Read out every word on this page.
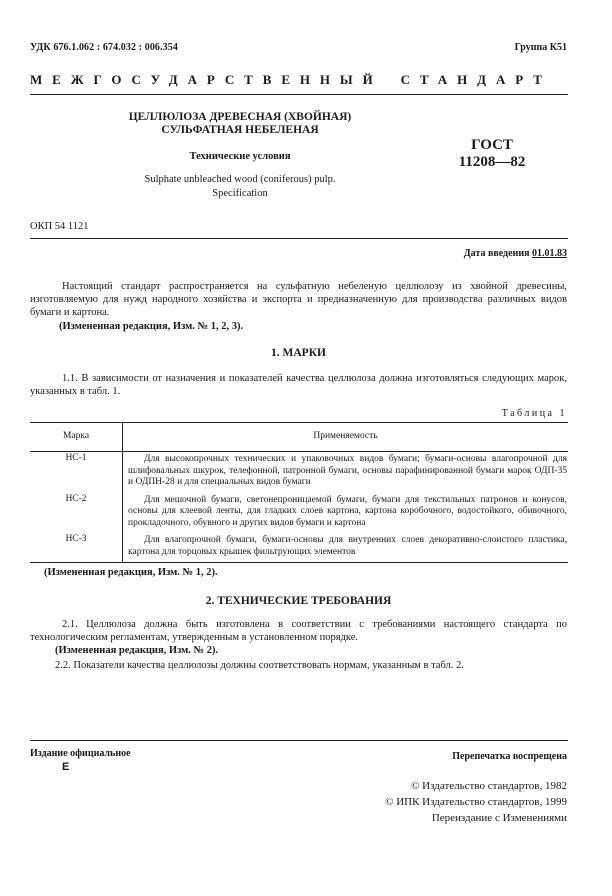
УДК 676.1.062 : 674.032 : 006.354	Группа К51
МЕЖГОСУДАРСТВЕННЫЙ СТАНДАРТ
ЦЕЛЛЮЛОЗА ДРЕВЕСНАЯ (ХВОЙНАЯ)
СУЛЬФАТНАЯ НЕБЕЛЕНАЯ
Технические условия
Sulphate unbleached wood (coniferous) pulp.
Specification
ГОСТ
11208—82
ОКП 54 1121
Дата введения 01.01.83
Настоящий стандарт распространяется на сульфатную небеленую целлюлозу из хвойной древесины, изготовляемую для нужд народного хозяйства и экспорта и предназначенную для производства различных видов бумаги и картона.
(Измененная редакция, Изм. № 1, 2, 3).
1. МАРКИ
1.1. В зависимости от назначения и показателей качества целлюлоза должна изготовляться следующих марок, указанных в табл. 1.
Таблица 1
Марка	Применяемость
НС-1	Для высокопрочных технических и упаковочных видов бумаги; бумаги-основы влагопрочной для шлифовальных шкурок, телефонной, патронной бумаги, основы парафинированной бумаги марок ОДП-35 и ОДПН-28 и для специальных видов бумаги
НС-2	Для мешочной бумаги, светонепроницаемой бумаги, бумаги для текстильных патронов и конусов, основы для клеевой ленты, для гладких слоев картона, картона коробочного, водостойкого, обивочного, прокладочного, обувного и других видов бумаги и картона
НС-3	Для влагопрочной бумаги, бумаги-основы для внутренних слоев декоративно-слоистого пластика, картона для торцовых крышек фильтрующих элементов
(Измененная редакция, Изм. № 1, 2).
2. ТЕХНИЧЕСКИЕ ТРЕБОВАНИЯ
2.1. Целлюлоза должна быть изготовлена в соответствии с требованиями настоящего стандарта по технологическим регламентам, утвержденным в установленном порядке.
(Измененная редакция, Изм. № 2).
2.2. Показатели качества целлюлозы должны соответствовать нормам, указанным в табл. 2.
Издание официальное
Е
Перепечатка воспрещена
© Издательство стандартов, 1982
© ИПК Издательство стандартов, 1999
Переиздание с Изменениями
